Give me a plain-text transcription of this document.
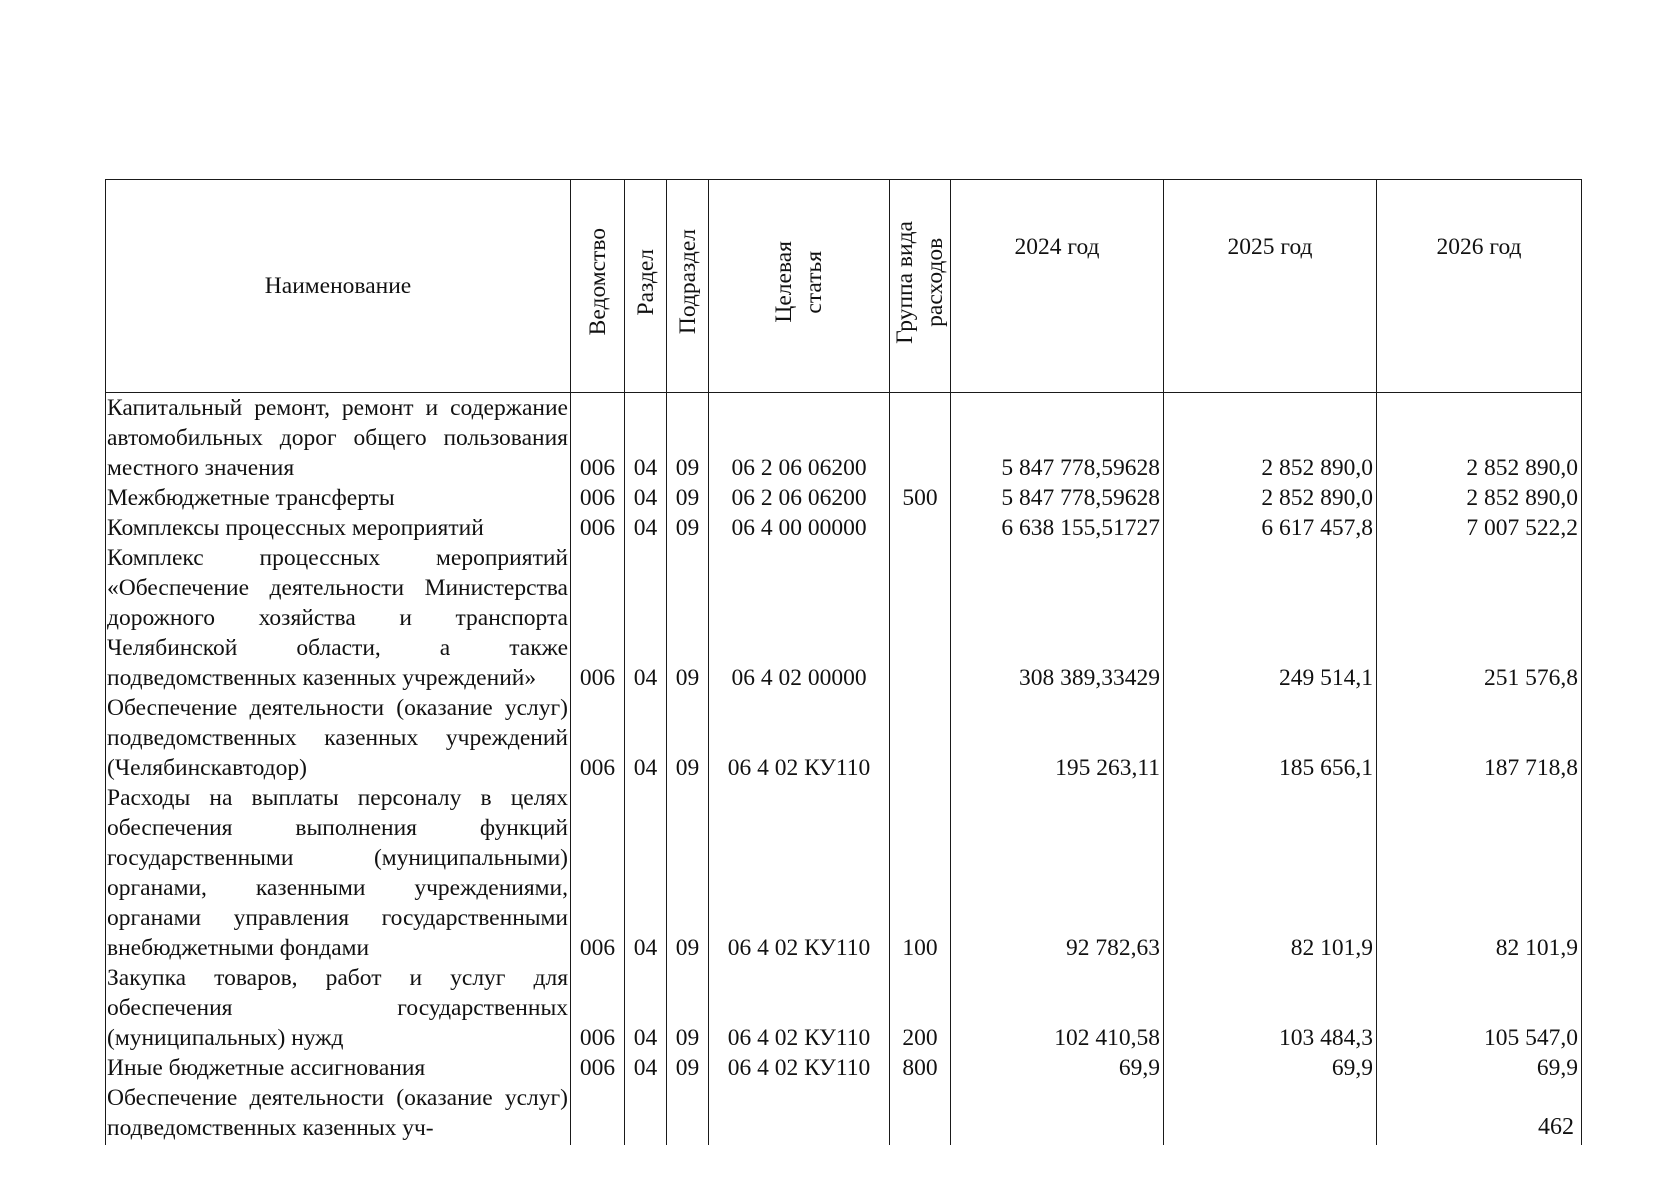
Наименование	Ведомство	Раздел	Подраздел	Целевая статья	Группа вида расходов	2024 год	2025 год	2026 год
Капитальный ремонт, ремонт и содержание автомобильных дорог общего пользования местного значения	006	04	09	06 2 06 06200		5 847 778,59628	2 852 890,0	2 852 890,0
Межбюджетные трансферты	006	04	09	06 2 06 06200	500	5 847 778,59628	2 852 890,0	2 852 890,0
Комплексы процессных мероприятий	006	04	09	06 4 00 00000		6 638 155,51727	6 617 457,8	7 007 522,2
Комплекс процессных мероприятий «Обеспечение деятельности Министерства дорожного хозяйства и транспорта Челябинской области, а также подведомственных казенных учреждений»	006	04	09	06 4 02 00000		308 389,33429	249 514,1	251 576,8
Обеспечение деятельности (оказание услуг) подведомственных казенных учреждений (Челябинскавтодор)	006	04	09	06 4 02 КУ110		195 263,11	185 656,1	187 718,8
Расходы на выплаты персоналу в целях обеспечения выполнения функций государственными (муниципальными) органами, казенными учреждениями, органами управления государственными внебюджетными фондами	006	04	09	06 4 02 КУ110	100	92 782,63	82 101,9	82 101,9
Закупка товаров, работ и услуг для обеспечения государственных (муниципальных) нужд	006	04	09	06 4 02 КУ110	200	102 410,58	103 484,3	105 547,0
Иные бюджетные ассигнования	006	04	09	06 4 02 КУ110	800	69,9	69,9	69,9
Обеспечение деятельности (оказание услуг) подведомственных казенных уч-									462
